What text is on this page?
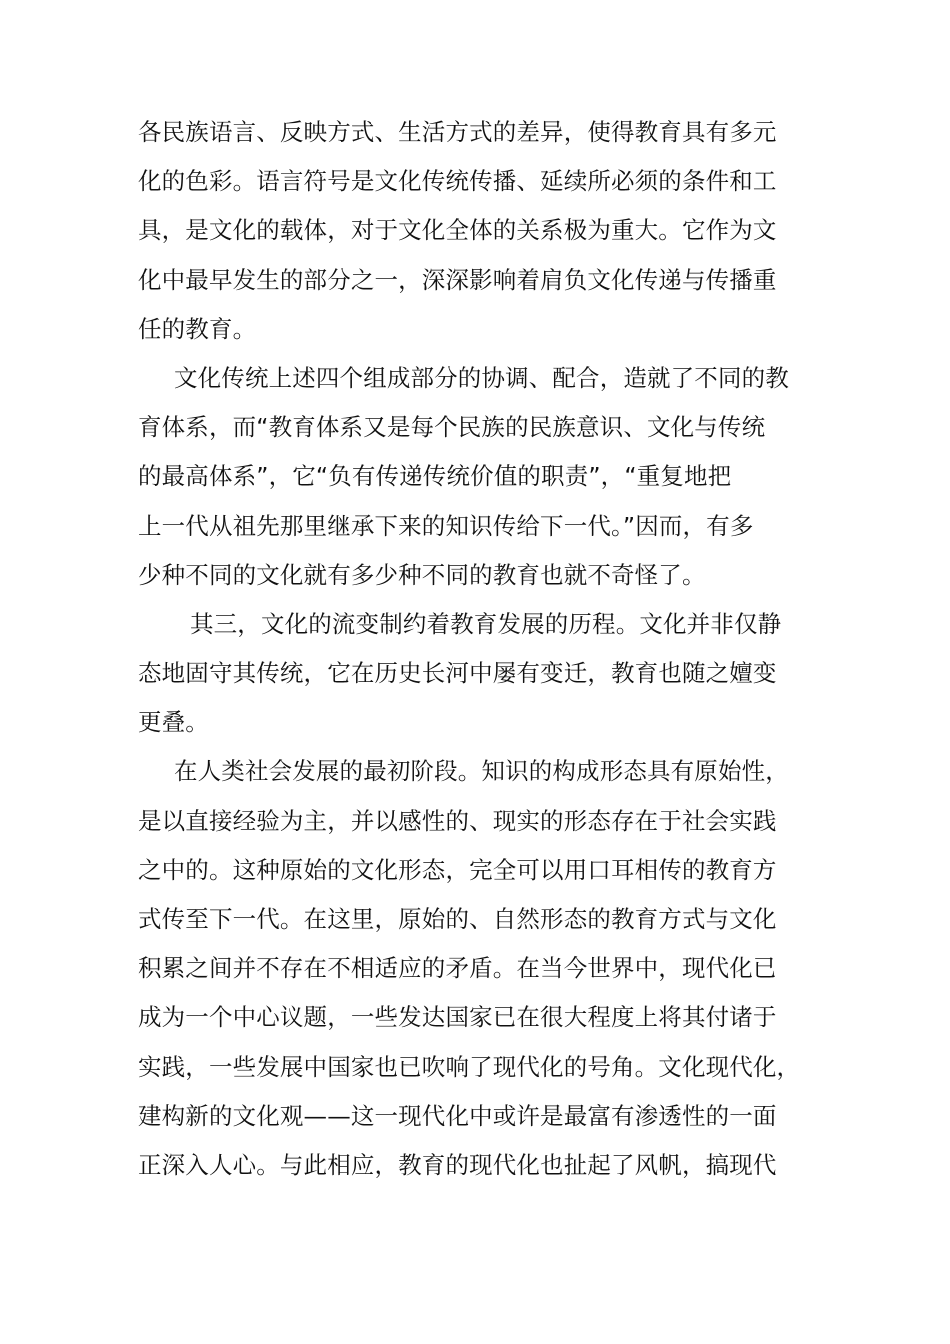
各民族语言、反映方式、生活方式的差异，使得教育具有多元
化的色彩。语言符号是文化传统传播、延续所必须的条件和工
具，是文化的载体，对于文化全体的关系极为重大。它作为文
化中最早发生的部分之一，深深影响着肩负文化传递与传播重
任的教育。
文化传统上述四个组成部分的协调、配合，造就了不同的教
育体系，而“教育体系又是每个民族的民族意识、文化与传统
的最高体系”，它“负有传递传统价值的职责”，“重复地把
上一代从祖先那里继承下来的知识传给下一代。”因而，有多
少种不同的文化就有多少种不同的教育也就不奇怪了。
其三，文化的流变制约着教育发展的历程。文化并非仅静
态地固守其传统，它在历史长河中屡有变迁，教育也随之嬗变
更叠。
在人类社会发展的最初阶段。知识的构成形态具有原始性，
是以直接经验为主，并以感性的、现实的形态存在于社会实践
之中的。这种原始的文化形态，完全可以用口耳相传的教育方
式传至下一代。在这里，原始的、自然形态的教育方式与文化
积累之间并不存在不相适应的矛盾。在当今世界中，现代化已
成为一个中心议题，一些发达国家已在很大程度上将其付诸于
实践，一些发展中国家也已吹响了现代化的号角。文化现代化，
建构新的文化观——这一现代化中或许是最富有渗透性的一面
正深入人心。与此相应，教育的现代化也扯起了风帆，搞现代
